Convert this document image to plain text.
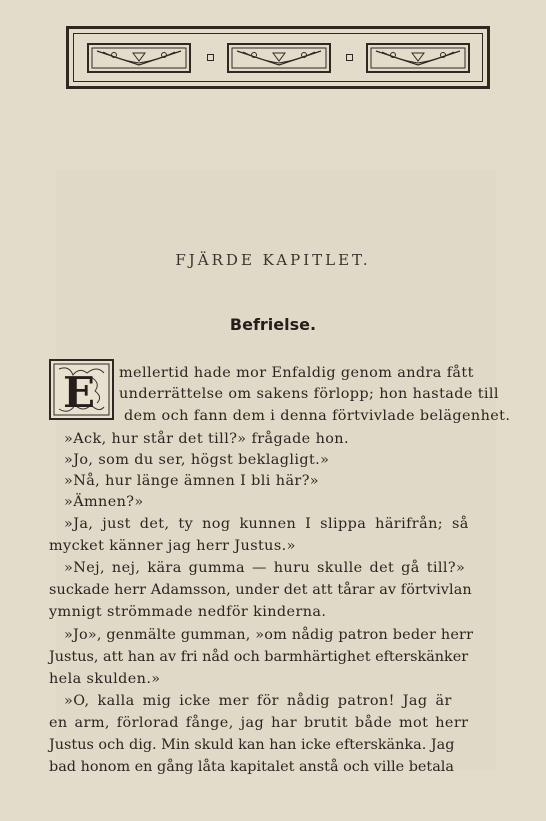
FJÄRDE KAPITLET.
Befrielse.
E mellertid hade mor Enfaldig genom andra fått
underrättelse om sakens förlopp; hon hastade till
dem och fann dem i denna förtvivlade belägenhet.
»Ack, hur står det till?» frågade hon.
»Jo, som du ser, högst beklagligt.»
»Nå, hur länge ämnen I bli här?»
»Ämnen?»
»Ja, just det, ty nog kunnen I slippa härifrån; så
mycket känner jag herr Justus.»
»Nej, nej, kära gumma — huru skulle det gå till?»
suckade herr Adamsson, under det att tårar av förtvivlan
ymnigt strömmade nedför kinderna.
»Jo», genmälte gumman, »om nådig patron beder herr
Justus, att han av fri nåd och barmhärtighet efterskänker
hela skulden.»
»O, kalla mig icke mer för nådig patron! Jag är
en arm, förlorad fånge, jag har brutit både mot herr
Justus och dig. Min skuld kan han icke efterskänka. Jag
bad honom en gång låta kapitalet anstå och ville betala
